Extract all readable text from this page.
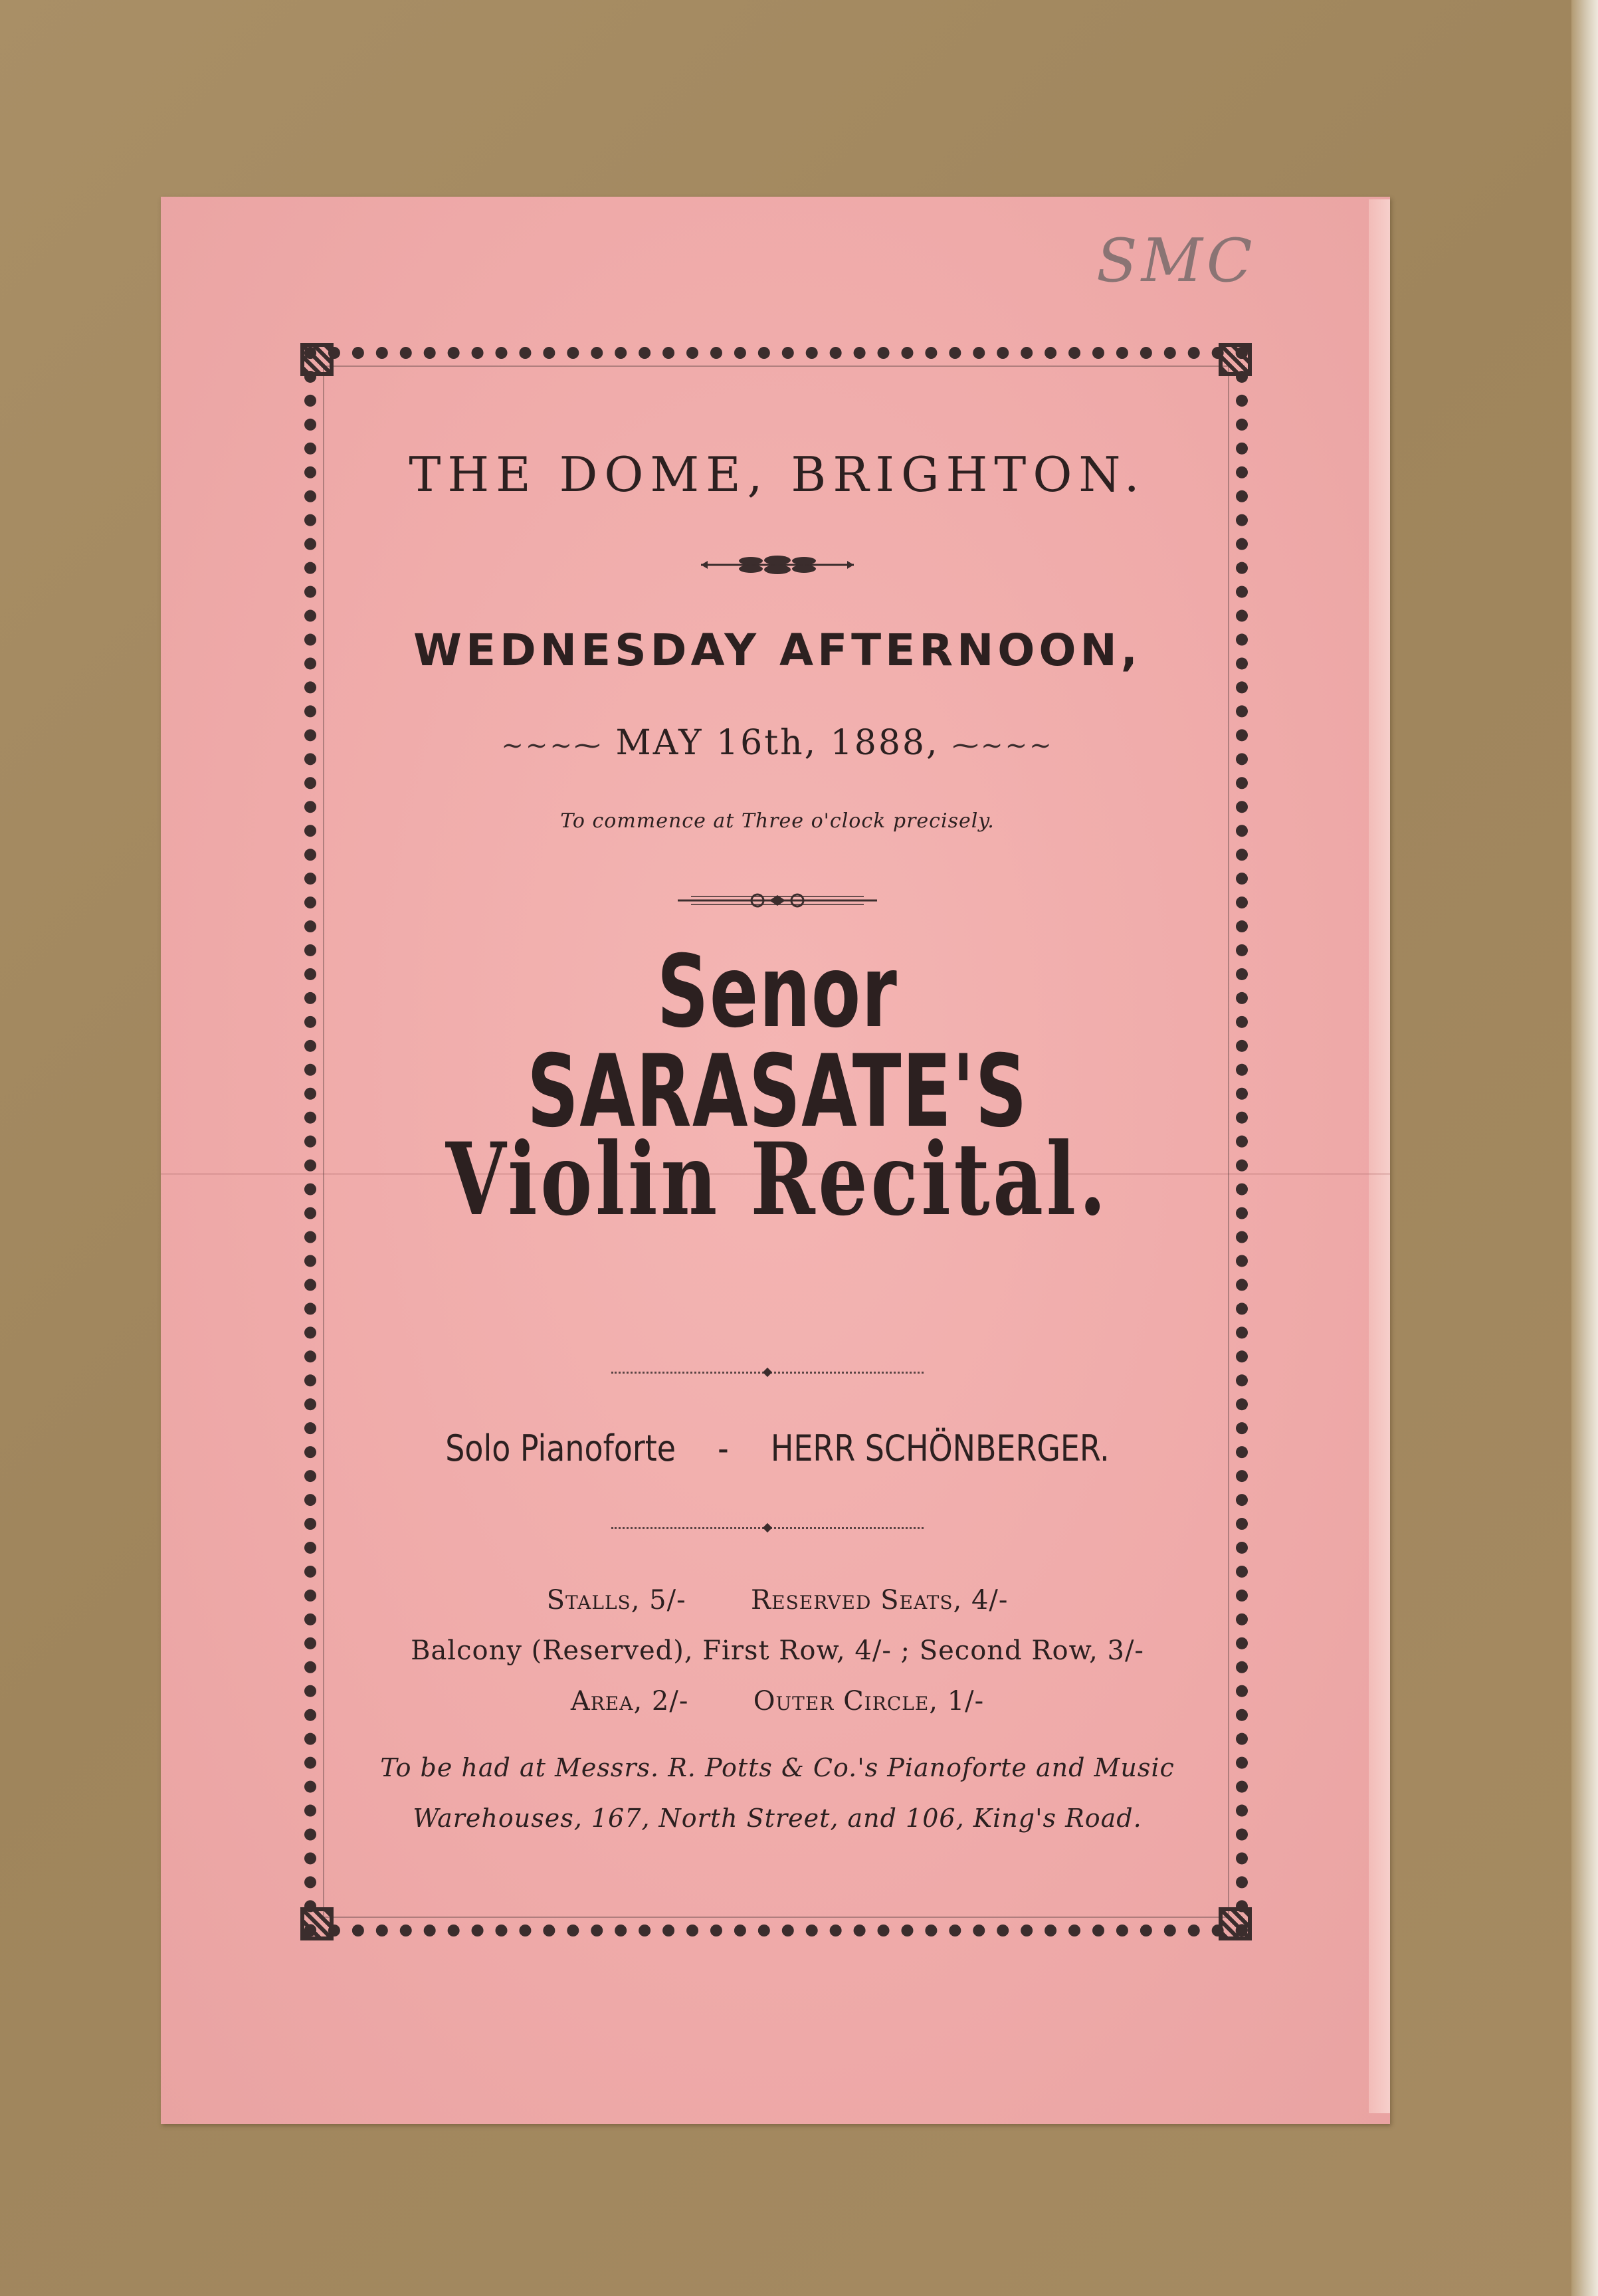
SMC
THE DOME, BRIGHTON.
WEDNESDAY AFTERNOON,
~~~⁓ MAY 16th, 1888, ⁓~~~
To commence at Three o'clock precisely.
Senor SARASATE'S
Violin Recital.
Solo Pianoforte - HERR SCHÖNBERGER.
Stalls, 5/- Reserved Seats, 4/-
Balcony (Reserved), First Row, 4/- ; Second Row, 3/-
Area, 2/- Outer Circle, 1/-
To be had at Messrs. R. Potts & Co.'s Pianoforte and Music
Warehouses, 167, North Street, and 106, King's Road.
